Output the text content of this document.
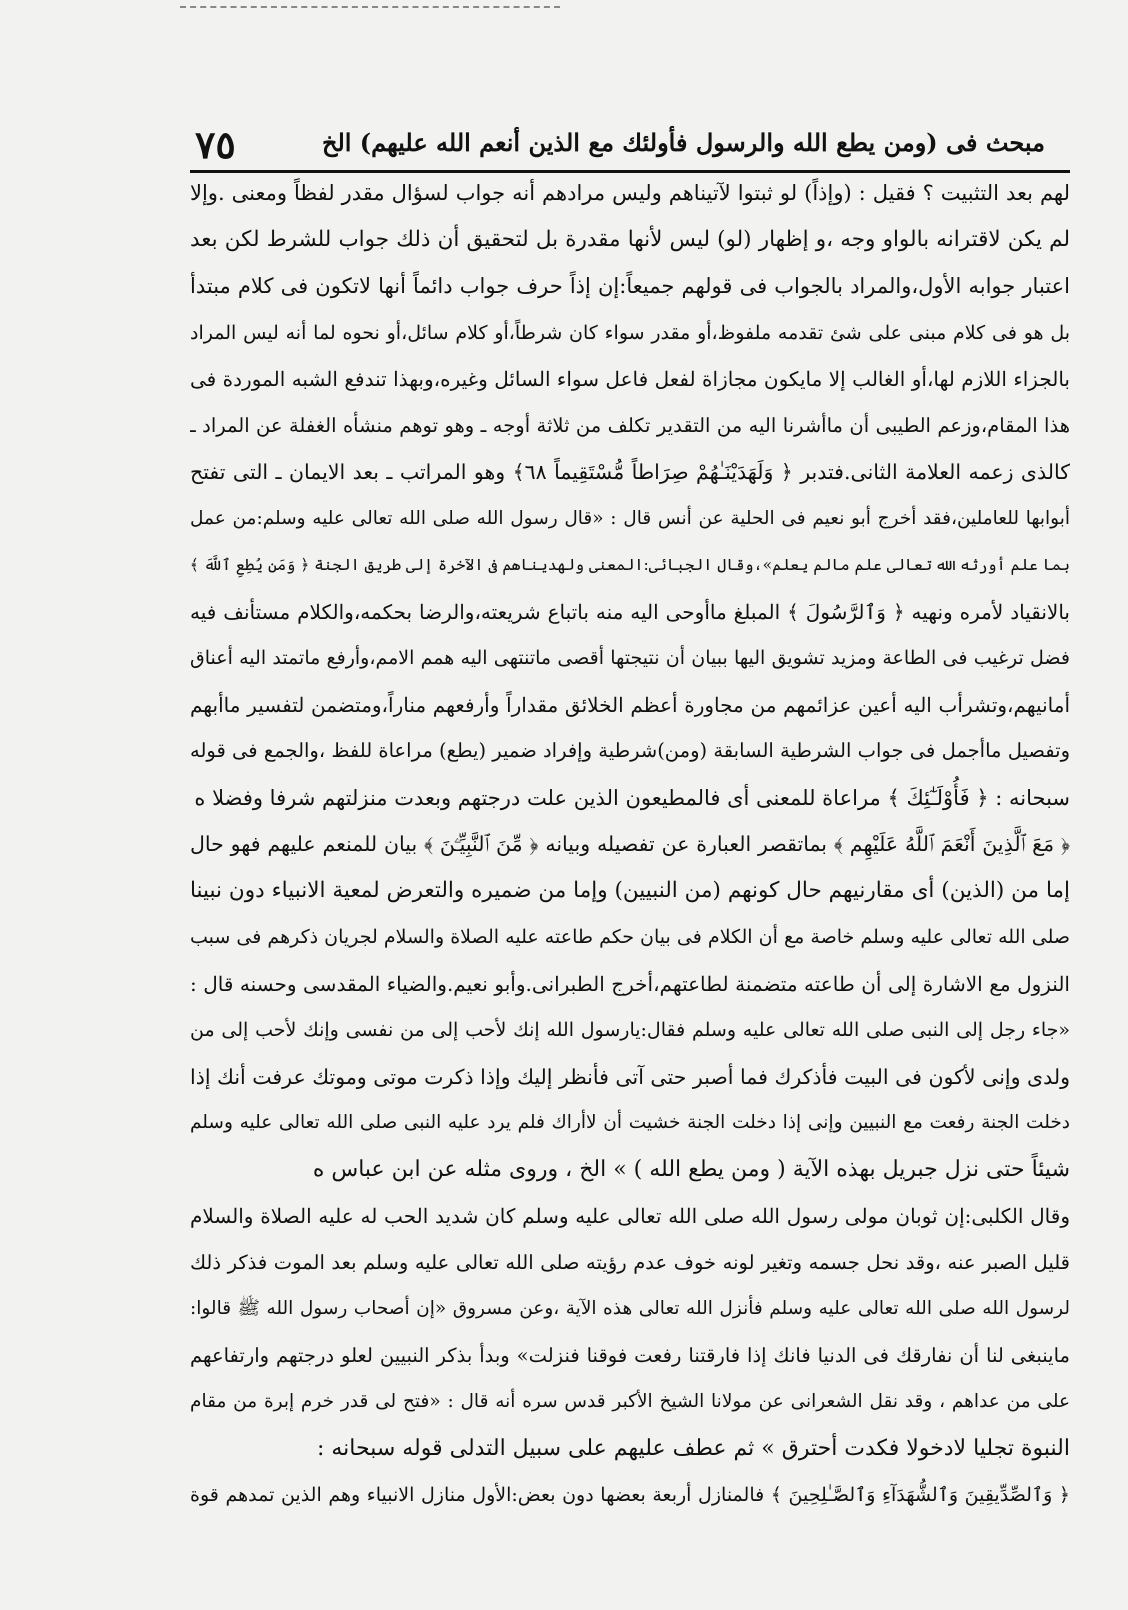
مبحث فى (ومن يطع الله والرسول فأولئك مع الذين أنعم الله عليهم) الخ
٧٥
لهم بعد التثبيت ؟ فقيل : (وإذاً) لو ثبتوا لآتيناهم وليس مرادهم أنه جواب لسؤال مقدر لفظاً ومعنى .وإلا
لم يكن لاقترانه بالواو وجه ،و إظهار (لو) ليس لأنها مقدرة بل لتحقيق أن ذلك جواب للشرط لكن بعد
اعتبار جوابه الأول،والمراد بالجواب فى قولهم جميعاً:إن إذاً حرف جواب دائماً أنها لاتكون فى كلام مبتدأ
بل هو فى كلام مبنى على شئ تقدمه ملفوظ،أو مقدر سواء كان شرطاً،أو كلام سائل،أو نحوه لما أنه ليس المراد
بالجزاء اللازم لها،أو الغالب إلا مايكون مجازاة لفعل فاعل سواء السائل وغيره،وبهذا تندفع الشبه الموردة فى
هذا المقام،وزعم الطيبى أن ماأشرنا اليه من التقدير تكلف من ثلاثة أوجه ـ وهو توهم منشأه الغفلة عن المراد ـ
كالذى زعمه العلامة الثانى.فتدبر ﴿ وَلَهَدَيْنَـٰهُمْ صِرَاطاً مُّسْتَقِيماً ٦٨﴾ وهو المراتب ـ بعد الايمان ـ التى تفتح
أبوابها للعاملين،فقد أخرج أبو نعيم فى الحلية عن أنس قال : «قال رسول الله صلى الله تعالى عليه وسلم:من عمل
بما علم أورثه الله تعالى علم مالم يعلم»،وقال الجبائى:المعنى ولهديناهم فى الآخرة إلى طريق الجنة ﴿ وَمَن يُطِعِ ٱللَّهَ ﴾
بالانقياد لأمره ونهيه ﴿ وَٱلرَّسُولَ ﴾ المبلغ ماأوحى اليه منه باتباع شريعته،والرضا بحكمه،والكلام مستأنف فيه
فضل ترغيب فى الطاعة ومزيد تشويق اليها ببيان أن نتيجتها أقصى ماتنتهى اليه همم الامم،وأرفع ماتمتد اليه أعناق
أمانيهم،وتشرأب اليه أعين عزائمهم من مجاورة أعظم الخلائق مقداراً وأرفعهم مناراً،ومتضمن لتفسير ماأبهم
وتفصيل ماأجمل فى جواب الشرطية السابقة (ومن)شرطية وإفراد ضمير (يطع) مراعاة للفظ ،والجمع فى قوله
سبحانه : ﴿ فَأُوْلَـٰٓئِكَ ﴾ مراعاة للمعنى أى فالمطيعون الذين علت درجتهم وبعدت منزلتهم شرفا وفضلا ه
﴿ مَعَ ٱلَّذِينَ أَنْعَمَ ٱللَّهُ عَلَيْهِم ﴾ بماتقصر العبارة عن تفصيله وبيانه ﴿ مِّنَ ٱلنَّبِيِّـۧنَ ﴾ بيان للمنعم عليهم فهو حال
إما من (الذين) أى مقارنيهم حال كونهم (من النبيين) وإما من ضميره والتعرض لمعية الانبياء دون نبينا
صلى الله تعالى عليه وسلم خاصة مع أن الكلام فى بيان حكم طاعته عليه الصلاة والسلام لجريان ذكرهم فى سبب
النزول مع الاشارة إلى أن طاعته متضمنة لطاعتهم،أخرج الطبرانى.وأبو نعيم.والضياء المقدسى وحسنه قال :
«جاء رجل إلى النبى صلى الله تعالى عليه وسلم فقال:يارسول الله إنك لأحب إلى من نفسى وإنك لأحب إلى من
ولدى وإنى لأكون فى البيت فأذكرك فما أصبر حتى آتى فأنظر إليك وإذا ذكرت موتى وموتك عرفت أنك إذا
دخلت الجنة رفعت مع النبيين وإنى إذا دخلت الجنة خشيت أن لاأراك فلم يرد عليه النبى صلى الله تعالى عليه وسلم
شيئاً حتى نزل جبريل بهذه الآية ( ومن يطع الله ) » الخ ، وروى مثله عن ابن عباس ه
وقال الكلبى:إن ثوبان مولى رسول الله صلى الله تعالى عليه وسلم كان شديد الحب له عليه الصلاة والسلام
قليل الصبر عنه ،وقد نحل جسمه وتغير لونه خوف عدم رؤيته صلى الله تعالى عليه وسلم بعد الموت فذكر ذلك
لرسول الله صلى الله تعالى عليه وسلم فأنزل الله تعالى هذه الآية ،وعن مسروق «إن أصحاب رسول الله ﷺ قالوا:
ماينبغى لنا أن نفارقك فى الدنيا فانك إذا فارقتنا رفعت فوقنا فنزلت» وبدأ بذكر النبيين لعلو درجتهم وارتفاعهم
على من عداهم ، وقد نقل الشعرانى عن مولانا الشيخ الأكبر قدس سره أنه قال : «فتح لى قدر خرم إبرة من مقام
النبوة تجليا لادخولا فكدت أحترق » ثم عطف عليهم على سبيل التدلى قوله سبحانه :
﴿ وَٱلصِّدِّيقِينَ وَٱلشُّهَدَآءِ وَٱلصَّـٰلِحِينَ ﴾ فالمنازل أربعة بعضها دون بعض:الأول منازل الانبياء وهم الذين تمدهم قوة
